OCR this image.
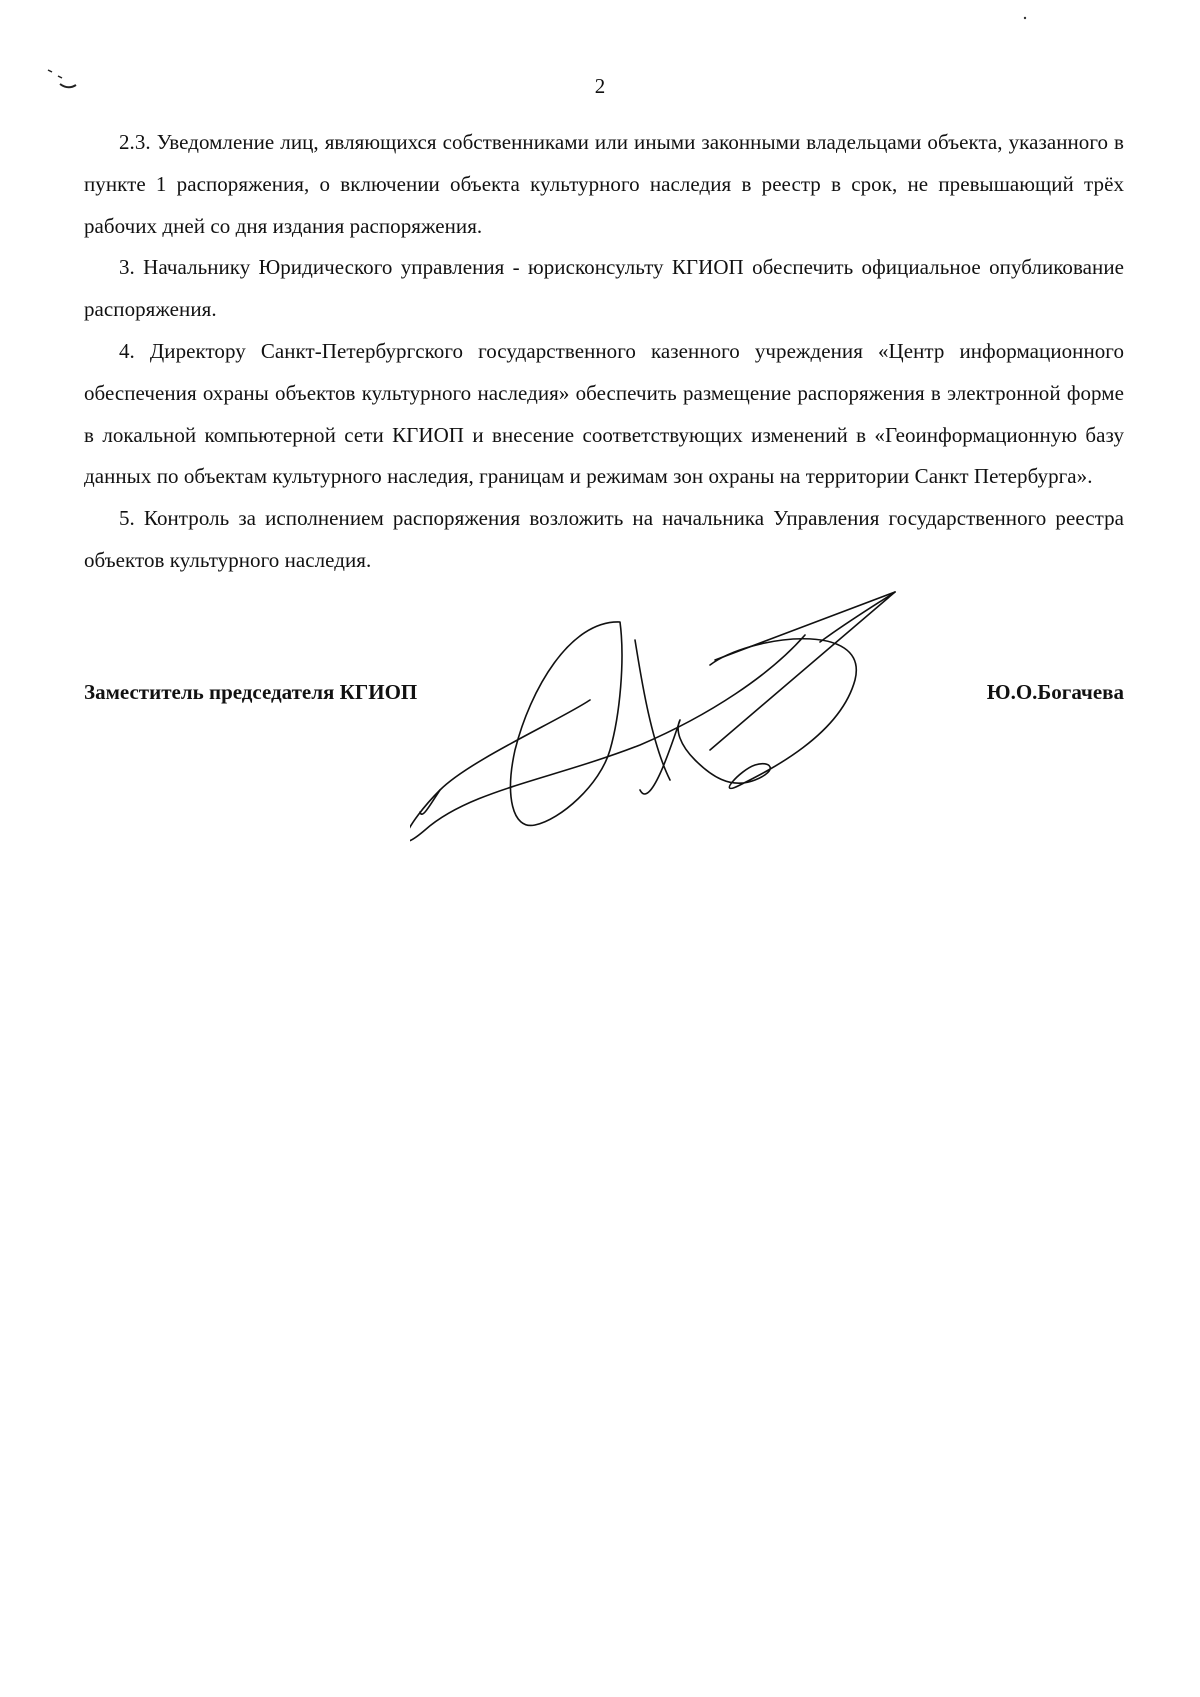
2

2.3. Уведомление лиц, являющихся собственниками или иными законными владельцами объекта, указанного в пункте 1 распоряжения, о включении объекта культурного наследия в реестр в срок, не превышающий трёх рабочих дней со дня издания распоряжения.

3. Начальнику Юридического управления - юрисконсульту КГИОП обеспечить официальное опубликование распоряжения.

4. Директору Санкт-Петербургского государственного казенного учреждения «Центр информационного обеспечения охраны объектов культурного наследия» обеспечить размещение распоряжения в электронной форме в локальной компьютерной сети КГИОП и внесение соответствующих изменений в «Геоинформационную базу данных по объектам культурного наследия, границам и режимам зон охраны на территории Санкт Петербурга».

5. Контроль за исполнением распоряжения возложить на начальника Управления государственного реестра объектов культурного наследия.

Заместитель председателя КГИОП	Ю.О.Богачева
